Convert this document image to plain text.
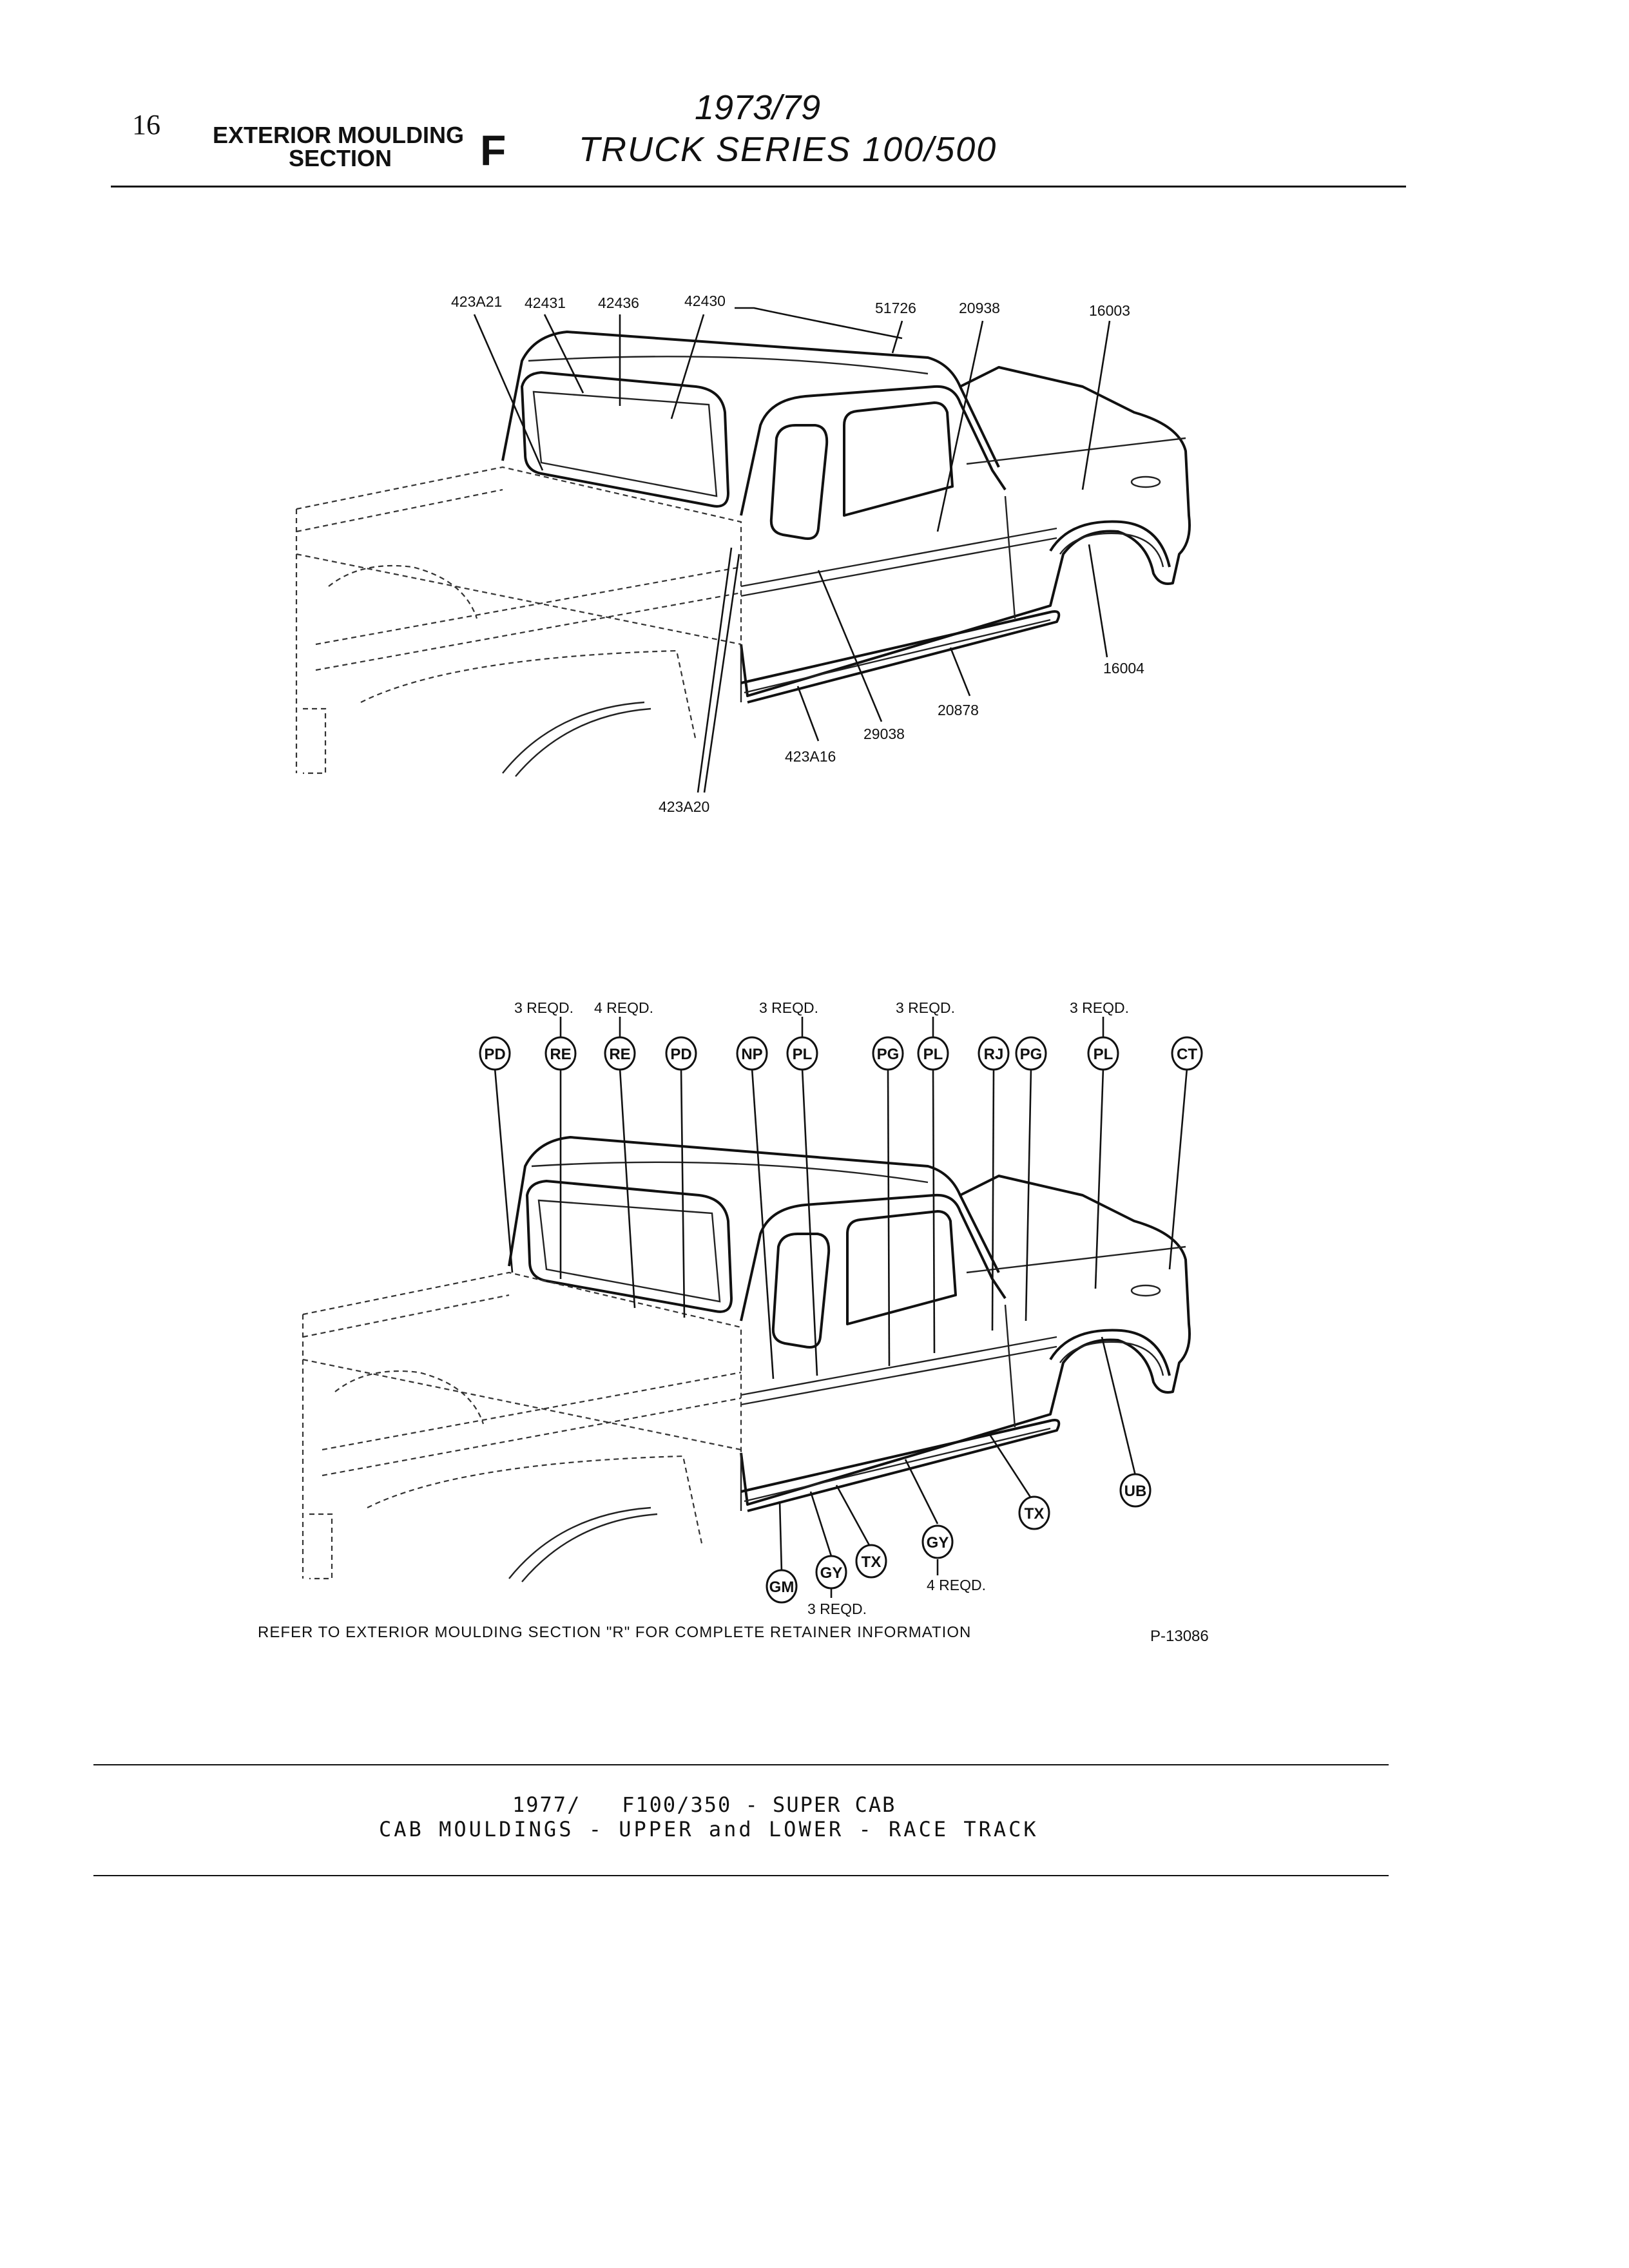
16 EXTERIOR MOULDING
SECTION F
1973/79
TRUCK SERIES 100/500
423A21 42431 42436	42430	51726	20938	16003
16004
20878
29038
423A16
423A20
3 REQD. 4 REQD.	3 REQD.	3 REQD.	3 REQD.
PD	RE RE	PD	NP PL	PG PL	RJ PG	PL	CT
UB
TX
GM
GY
TX
GY
3 REQD.
4 REQD.
REFER TO EXTERIOR MOULDING SECTION "R" FOR COMPLETE RETAINER INFORMATION	P-13086
1977/   F100/350 - SUPER CAB
CAB MOULDINGS - UPPER and LOWER - RACE TRACK
